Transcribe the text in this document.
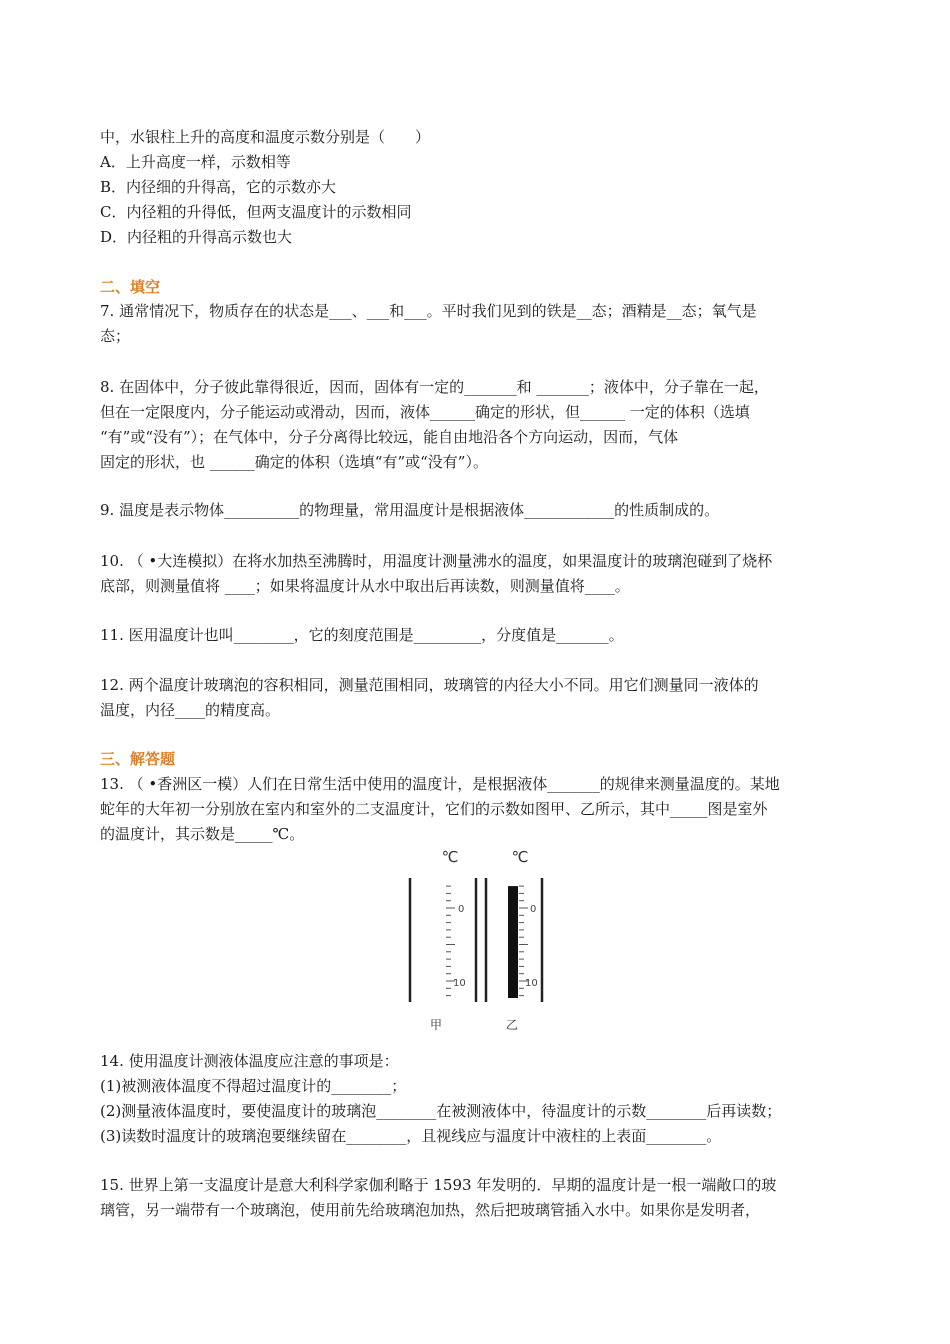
中，水银柱上升的高度和温度示数分别是（　　）
A．上升高度一样，示数相等
B．内径细的升得高，它的示数亦大
C．内径粗的升得低，但两支温度计的示数相同
D．内径粗的升得高示数也大
二、填空
7. 通常情况下，物质存在的状态是___、___和___。平时我们见到的铁是__态；酒精是__态；氧气是
态；
8. 在固体中，分子彼此靠得很近，因而，固体有一定的_______和 _______；液体中，分子靠在一起，
但在一定限度内，分子能运动或滑动，因而，液体______确定的形状，但______ 一定的体积（选填
“有”或“没有”）；在气体中，分子分离得比较远，能自由地沿各个方向运动，因而，气体
固定的形状，也 ______确定的体积（选填“有”或“没有”）。
9. 温度是表示物体__________的物理量，常用温度计是根据液体____________的性质制成的。
10. （ •大连模拟）在将水加热至沸腾时，用温度计测量沸水的温度，如果温度计的玻璃泡碰到了烧杯
底部，则测量值将 ____；如果将温度计从水中取出后再读数，则测量值将____。
11. 医用温度计也叫________，它的刻度范围是_________，分度值是_______。
12. 两个温度计玻璃泡的容积相同，测量范围相同，玻璃管的内径大小不同。用它们测量同一液体的
温度，内径____的精度高。
三、解答题
13. （ •香洲区一模）人们在日常生活中使用的温度计，是根据液体_______的规律来测量温度的。某地
蛇年的大年初一分别放在室内和室外的二支温度计，它们的示数如图甲、乙所示，其中_____图是室外
的温度计，其示数是_____℃。
℃
0
10
℃
0
10
甲	乙
14. 使用温度计测液体温度应注意的事项是：
(1)被测液体温度不得超过温度计的________；
(2)测量液体温度时，要使温度计的玻璃泡________在被测液体中，待温度计的示数________后再读数；
(3)读数时温度计的玻璃泡要继续留在________，且视线应与温度计中液柱的上表面________。
15. 世界上第一支温度计是意大利科学家伽利略于 1593 年发明的．早期的温度计是一根一端敞口的玻
璃管，另一端带有一个玻璃泡，使用前先给玻璃泡加热，然后把玻璃管插入水中。如果你是发明者，
